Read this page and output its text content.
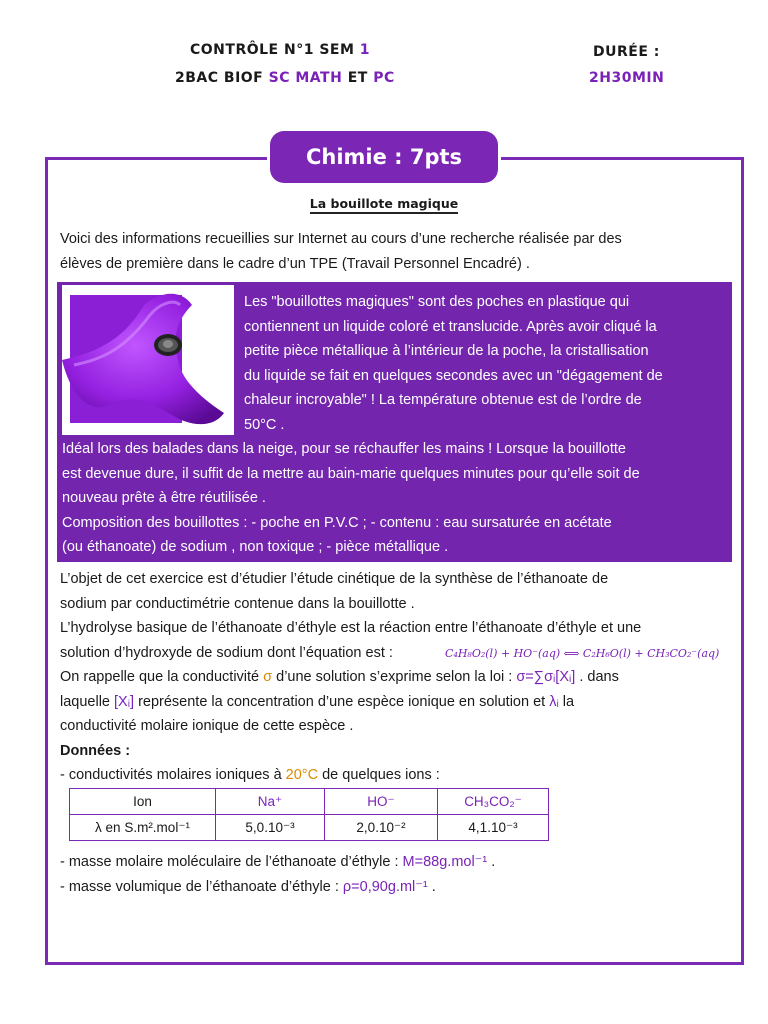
CONTRÔLE N°1 SEM 1
2BAC BIOF SC MATH ET PC
DURÉE :
2H30MIN
Chimie : 7pts
La bouillote magique
Voici des informations recueillies sur Internet au cours d’une recherche réalisée par des
élèves de première dans le cadre d’un TPE (Travail Personnel Encadré) .
Les "bouillottes magiques" sont des poches en plastique qui
contiennent un liquide coloré et translucide. Après avoir cliqué la
petite pièce métallique à l’intérieur de la poche, la cristallisation
du liquide se fait en quelques secondes avec un "dégagement de
chaleur incroyable" ! La température obtenue est de l’ordre de
50°C .
Idéal lors des balades dans la neige, pour se réchauffer les mains ! Lorsque la bouillotte
est devenue dure, il suffit de la mettre au bain-marie quelques minutes pour qu’elle soit de
nouveau prête à être réutilisée .
Composition des bouillottes : - poche en P.V.C ; - contenu : eau sursaturée en acétate
(ou éthanoate) de sodium , non toxique ; - pièce métallique .
L’objet de cet exercice est d’étudier l’étude cinétique de la synthèse de l’éthanoate de
sodium par conductimétrie contenue dans la bouillotte .
L’hydrolyse basique de l’éthanoate d’éthyle est la réaction entre l’éthanoate d’éthyle et une
solution d’hydroxyde de sodium dont l’équation est :
On rappelle que la conductivité σ d’une solution s’exprime selon la loi : σ=∑σᵢ[Xᵢ] . dans
laquelle [Xᵢ] représente la concentration d’une espèce ionique en solution et λᵢ la
conductivité molaire ionique de cette espèce .
Données :
- conductivités molaires ioniques à 20°C de quelques ions :
C₄H₈O₂(l) + HO⁻(aq) ⟺ C₂H₆O(l) + CH₃CO₂⁻(aq)
Ion	Na⁺	HO⁻	CH₃CO₂⁻
λ en S.m².mol⁻¹	5,0.10⁻³	2,0.10⁻²	4,1.10⁻³
- masse molaire moléculaire de l’éthanoate d’éthyle : M=88g.mol⁻¹ .
- masse volumique de l’éthanoate d’éthyle : ρ=0,90g.ml⁻¹ .
